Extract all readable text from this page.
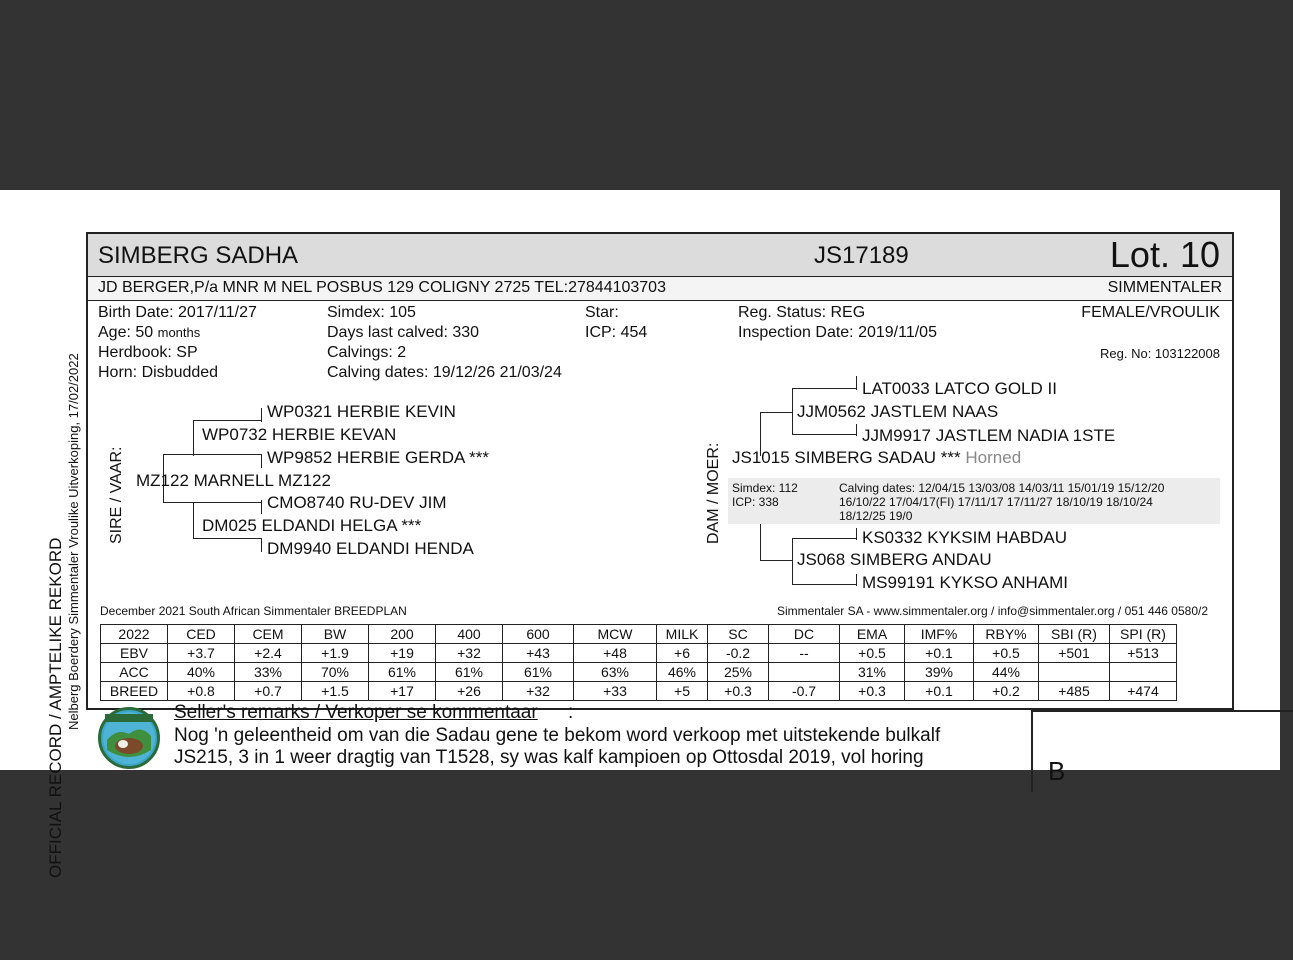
OFFICIAL RECORD / AMPTELIKE REKORD Nelberg Boerdery Simmentaler Vroulike Uitverkoping, 17/02/2022
SIMBERG SADHA	JS17189	Lot. 10
JD BERGER,P/a MNR M NEL POSBUS 129 COLIGNY 2725 TEL:27844103703	SIMMENTALER
Birth Date: 2017/11/27
Age: 50 months
Herdbook: SP
Horn: Disbudded
Simdex: 105
Days last calved: 330
Calvings: 2
Calving dates: 19/12/26 21/03/24
Star:
ICP: 454
Reg. Status: REG
Inspection Date: 2019/11/05
FEMALE/VROULIK
Reg. No: 103122008
SIRE / VAAR:	DAM / MOER:
WP0321 HERBIE KEVIN
WP0732 HERBIE KEVAN
WP9852 HERBIE GERDA ***
MZ122 MARNELL MZ122
CMO8740 RU-DEV JIM
DM025 ELDANDI HELGA ***
DM9940 ELDANDI HENDA
LAT0033 LATCO GOLD II
JJM0562 JASTLEM NAAS
JJM9917 JASTLEM NADIA 1STE
JS1015 SIMBERG SADAU *** Horned
Simdex: 112
ICP: 338
Calving dates: 12/04/15 13/03/08 14/03/11 15/01/19 15/12/20
16/10/22 17/04/17(FI) 17/11/17 17/11/27 18/10/19 18/10/24
18/12/25 19/0
KS0332 KYKSIM HABDAU
JS068 SIMBERG ANDAU
MS99191 KYKSO ANHAMI
December 2021 South African Simmentaler BREEDPLAN	Simmentaler SA - www.simmentaler.org / info@simmentaler.org / 051 446 0580/2
2022	CED	CEM	BW	200	400	600	MCW	MILK	SC	DC	EMA	IMF%	RBY%	SBI (R)	SPI (R)
EBV	+3.7	+2.4	+1.9	+19	+32	+43	+48	+6	-0.2	--	+0.5	+0.1	+0.5	+501	+513
ACC	40%	33%	70%	61%	61%	61%	63%	46%	25%		31%	39%	44%		
BREED	+0.8	+0.7	+1.5	+17	+26	+32	+33	+5	+0.3	-0.7	+0.3	+0.1	+0.2	+485	+474
Seller's remarks / Verkoper se kommentaar :
Nog 'n geleentheid om van die Sadau gene te bekom word verkoop met uitstekende bulkalf
JS215, 3 in 1 weer dragtig van T1528, sy was kalf kampioen op Ottosdal 2019, vol horing	B
